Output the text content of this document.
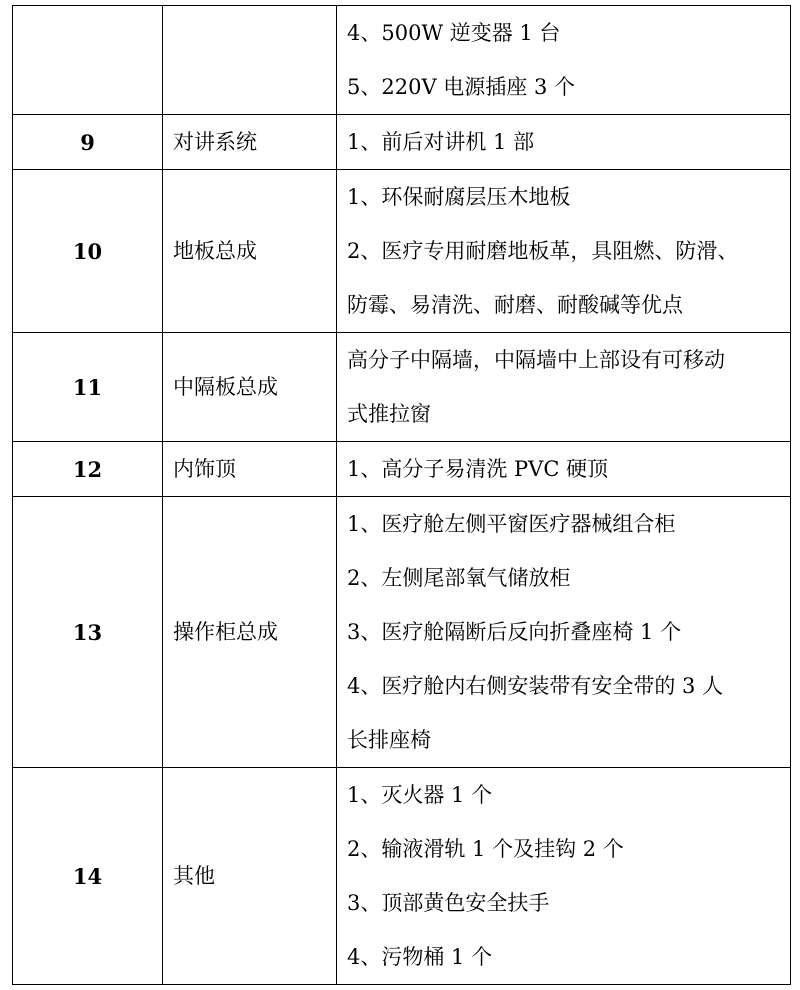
		4、500W 逆变器 1 台
5、220V 电源插座 3 个

9	对讲系统	1、前后对讲机 1 部

10	地板总成	1、环保耐腐层压木地板
2、医疗专用耐磨地板革，具阻燃、防滑、
防霉、易清洗、耐磨、耐酸碱等优点

11	中隔板总成	高分子中隔墙，中隔墙中上部设有可移动
式推拉窗

12	内饰顶	1、高分子易清洗 PVC 硬顶

13	操作柜总成	1、医疗舱左侧平窗医疗器械组合柜
2、左侧尾部氧气储放柜
3、医疗舱隔断后反向折叠座椅 1 个
4、医疗舱内右侧安装带有安全带的 3 人
长排座椅

14	其他	1、灭火器 1 个
2、输液滑轨 1 个及挂钩 2 个
3、顶部黄色安全扶手
4、污物桶 1 个
